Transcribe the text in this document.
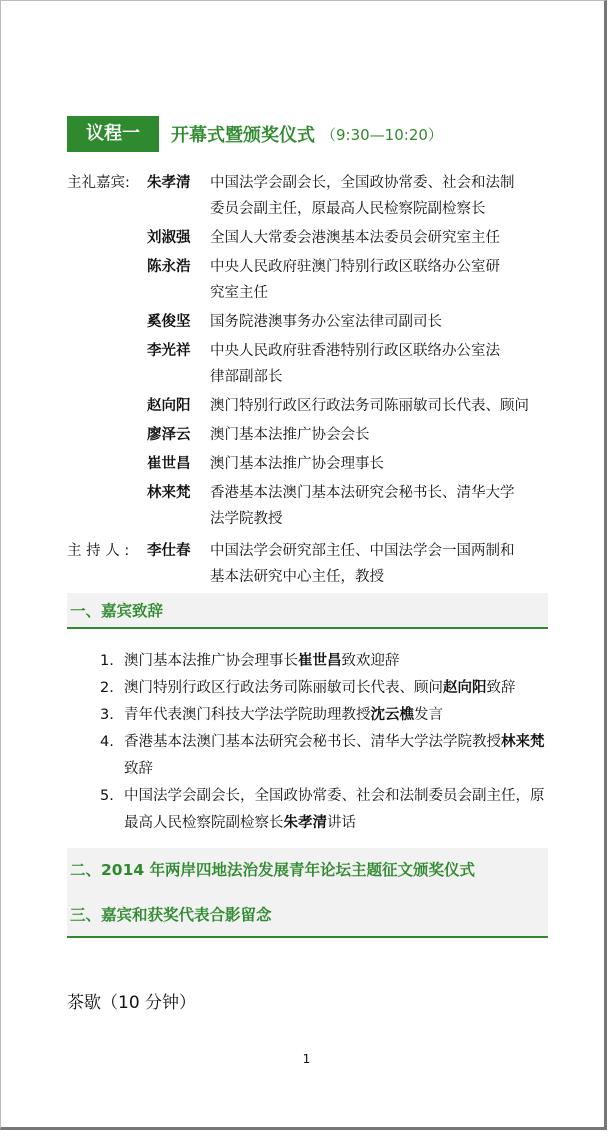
议程一	开幕式暨颁奖仪式 （9:30—10:20）
主礼嘉宾:	朱孝清	中国法学会副会长，全国政协常委、社会和法制
委员会副主任，原最高人民检察院副检察长
刘淑强	全国人大常委会港澳基本法委员会研究室主任
陈永浩	中央人民政府驻澳门特别行政区联络办公室研
究室主任
奚俊坚	国务院港澳事务办公室法律司副司长
李光祥	中央人民政府驻香港特别行政区联络办公室法
律部副部长
赵向阳	澳门特别行政区行政法务司陈丽敏司长代表、顾问
廖泽云	澳门基本法推广协会会长
崔世昌	澳门基本法推广协会理事长
林来梵	香港基本法澳门基本法研究会秘书长、清华大学
法学院教授
主 持 人 :	李仕春	中国法学会研究部主任、中国法学会一国两制和
基本法研究中心主任，教授
一、嘉宾致辞
1. 澳门基本法推广协会理事长崔世昌致欢迎辞
2. 澳门特别行政区行政法务司陈丽敏司长代表、顾问赵向阳致辞
3. 青年代表澳门科技大学法学院助理教授沈云樵发言
4. 香港基本法澳门基本法研究会秘书长、清华大学法学院教授林来梵致辞
5. 中国法学会副会长，全国政协常委、社会和法制委员会副主任，原最高人民检察院副检察长朱孝清讲话
二、2014 年两岸四地法治发展青年论坛主题征文颁奖仪式
三、嘉宾和获奖代表合影留念
茶歇（10 分钟）
1
